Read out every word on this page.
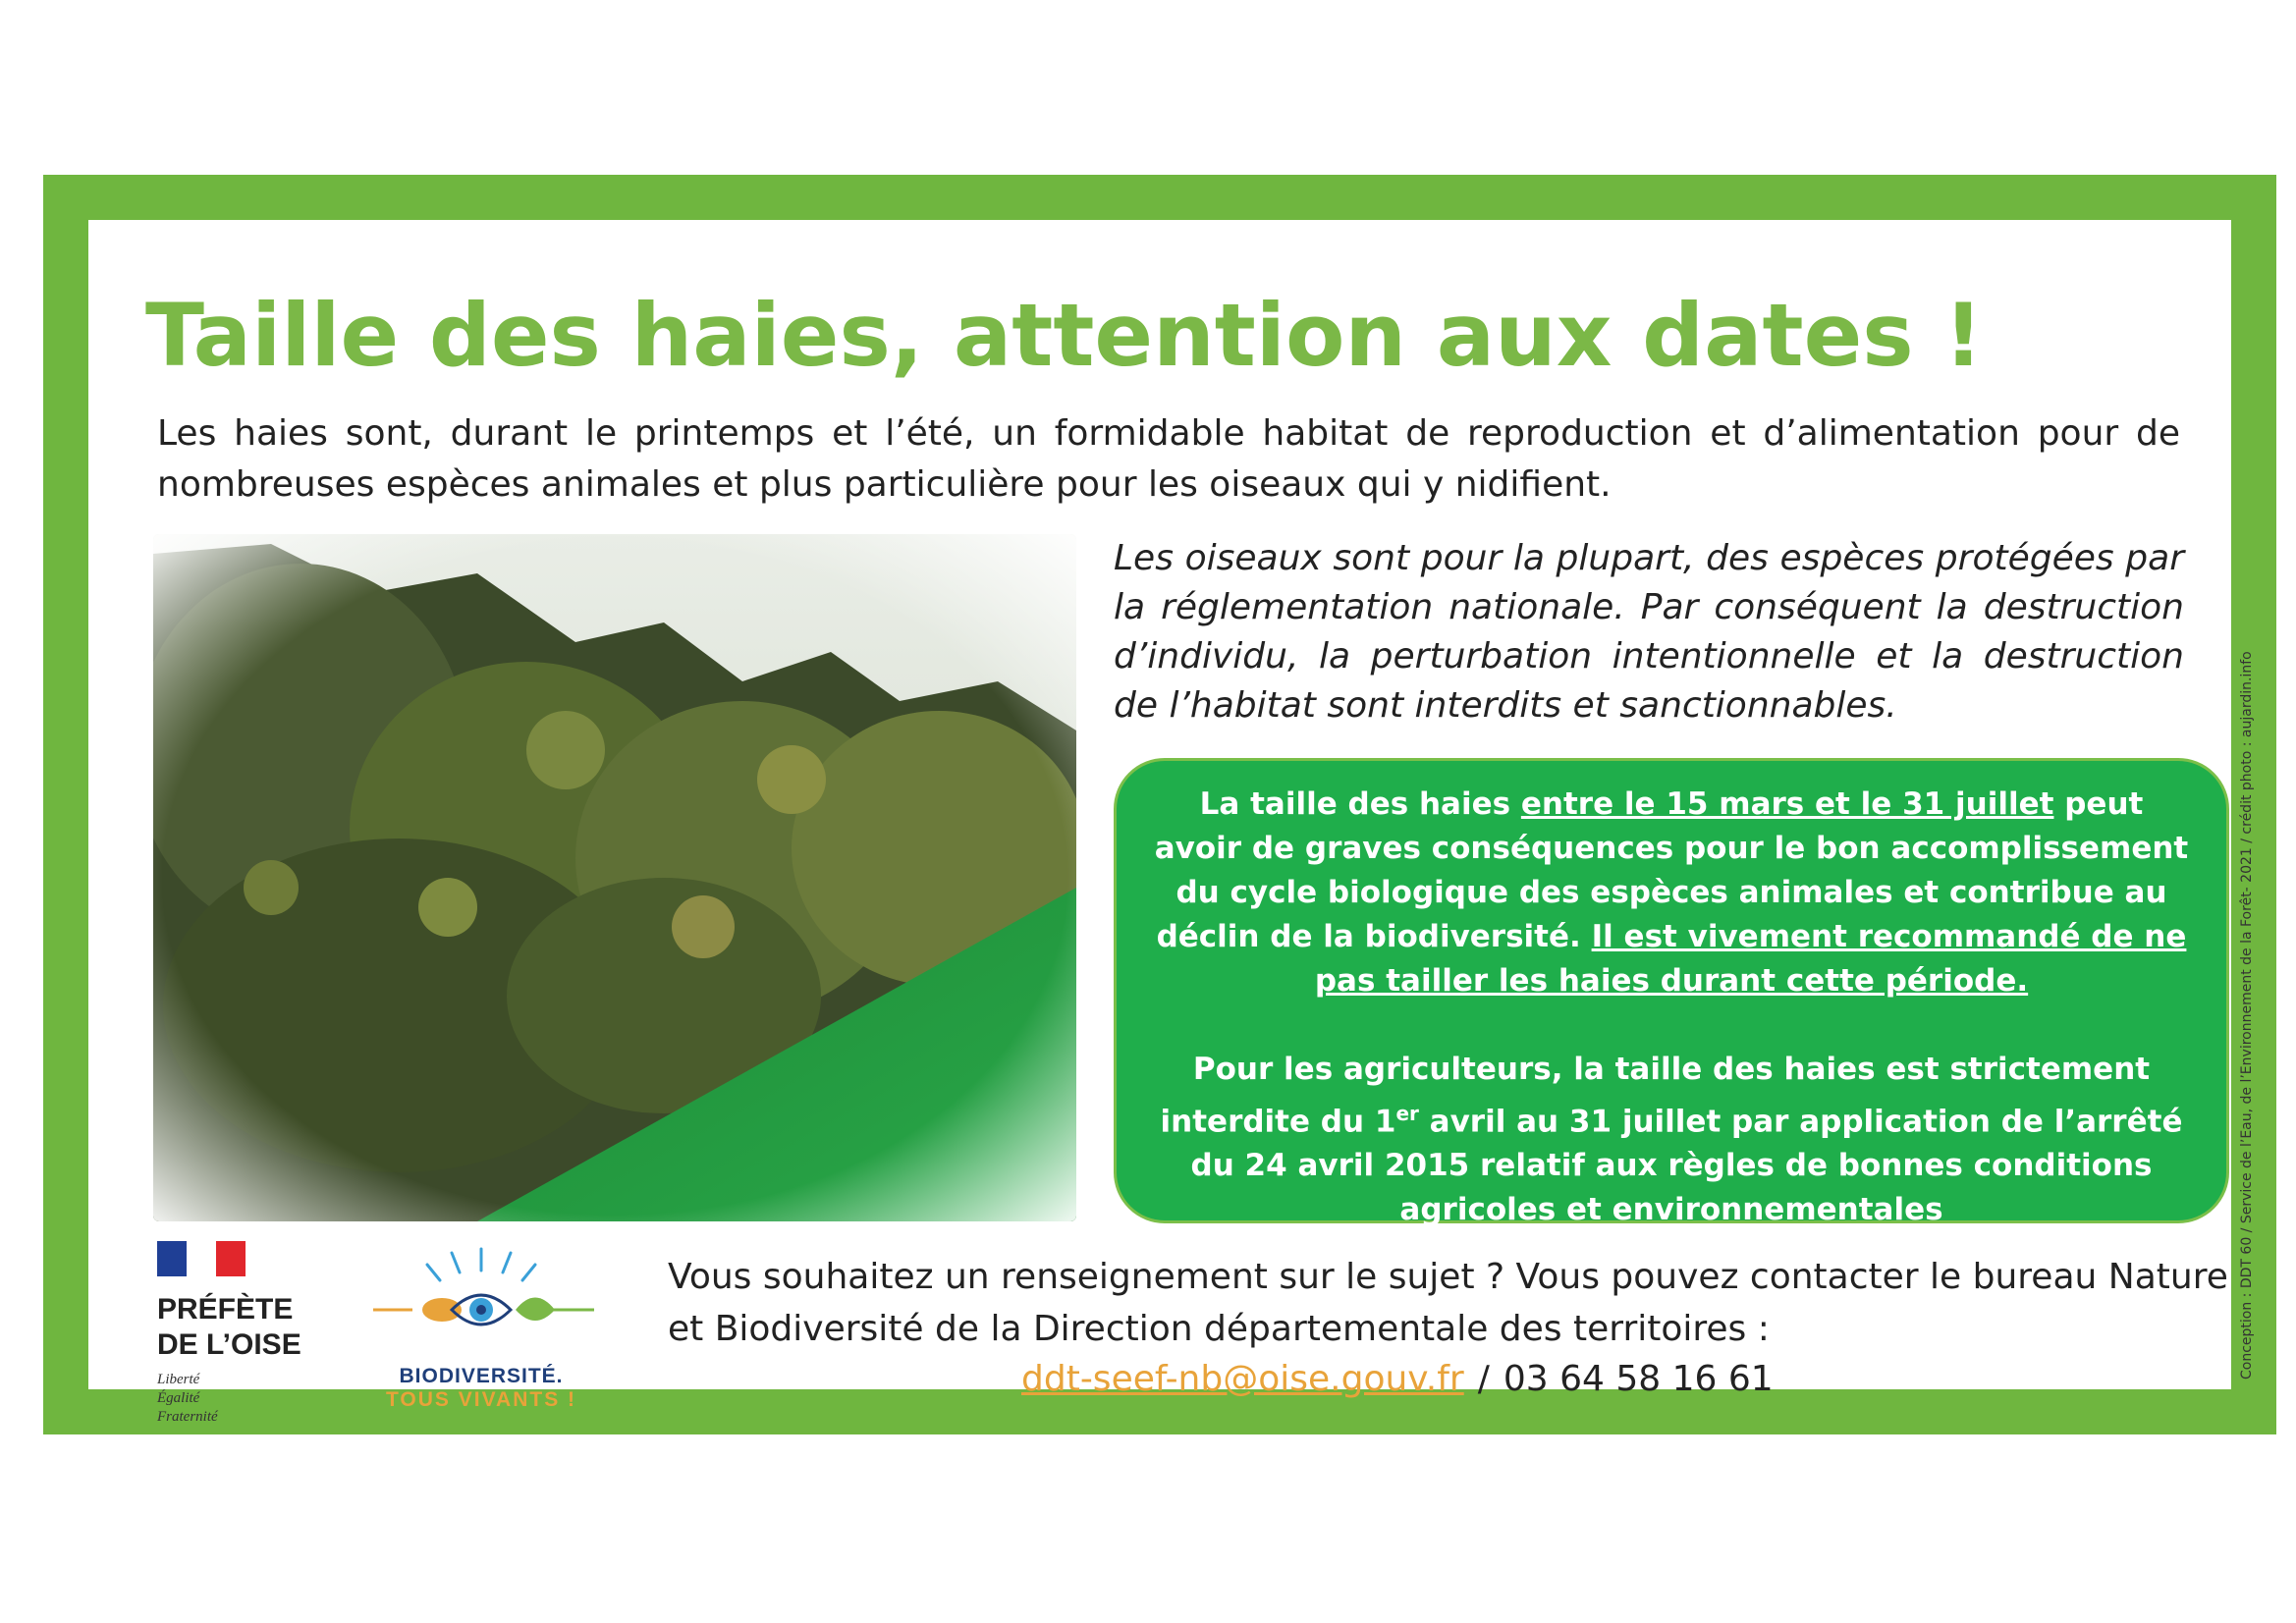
Taille des haies, attention aux dates !

Les haies sont, durant le printemps et l’été, un formidable habitat de reproduction et d’alimentation pour de nombreuses espèces animales et plus particulière pour les oiseaux qui y nidifient.

Les oiseaux sont pour la plupart, des espèces protégées par la réglementation nationale. Par conséquent la destruction d’individu, la perturbation intentionnelle et la destruction de l’habitat sont interdits et sanctionnables.

La taille des haies entre le 15 mars et le 31 juillet peut avoir de graves conséquences pour le bon accomplissement du cycle biologique des espèces animales et contribue au déclin de la biodiversité. Il est vivement recommandé de ne pas tailler les haies durant cette période.

Pour les agriculteurs, la taille des haies est strictement interdite du 1er avril au 31 juillet par application de l’arrêté du 24 avril 2015 relatif aux règles de bonnes conditions agricoles et environnementales

PRÉFÈTE
DE L’OISE
Liberté
Égalité
Fraternité
BIODIVERSITÉ.
TOUS VIVANTS !

Vous souhaitez un renseignement sur le sujet ? Vous pouvez contacter le bureau Nature et Biodiversité de la Direction départementale des territoires :

ddt-seef-nb@oise.gouv.fr / 03 64 58 16 61	Conception : DDT 60 / Service de l’Eau, de l’Environnement de la Forêt- 2021 / crédit photo : aujardin.info
